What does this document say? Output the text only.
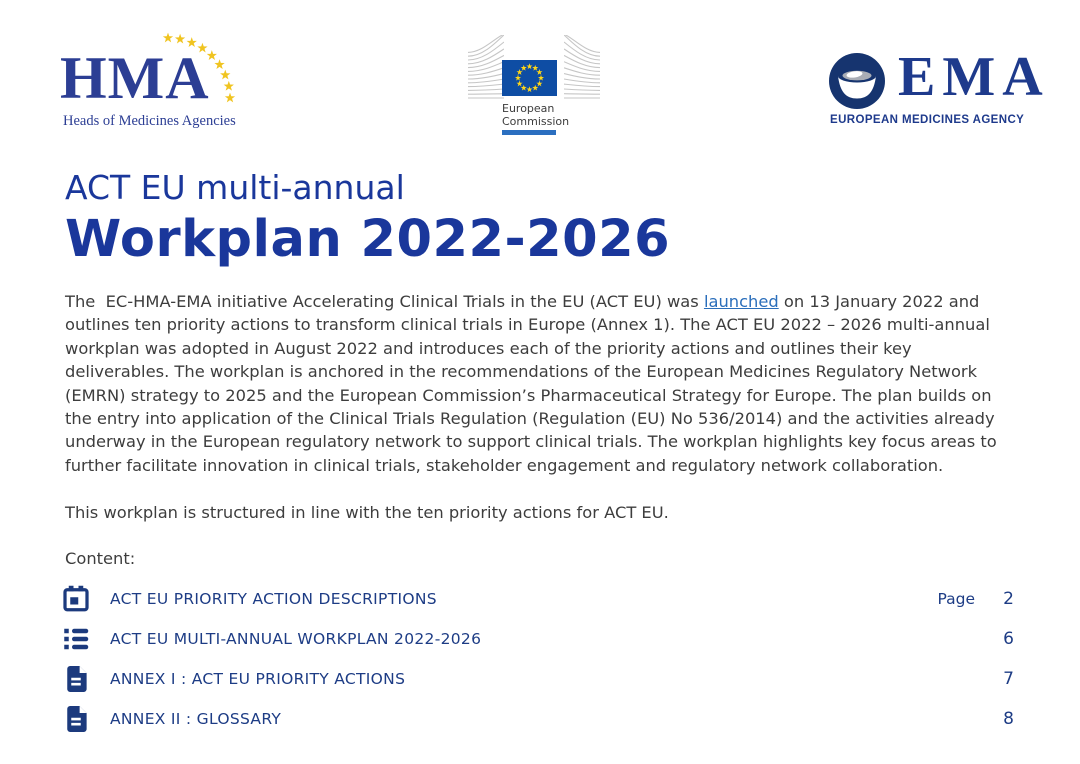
HMA
Heads of Medicines Agencies
European
Commission
EMA
EUROPEAN MEDICINES AGENCY
ACT EU multi-annual
Workplan 2022-2026

The  EC-HMA-EMA initiative Accelerating Clinical Trials in the EU (ACT EU) was launched on 13 January 2022 and outlines ten priority actions to transform clinical trials in Europe (Annex 1). The ACT EU 2022 – 2026 multi-annual workplan was adopted in August 2022 and introduces each of the priority actions and outlines their key deliverables. The workplan is anchored in the recommendations of the European Medicines Regulatory Network (EMRN) strategy to 2025 and the European Commission’s Pharmaceutical Strategy for Europe. The plan builds on the entry into application of the Clinical Trials Regulation (Regulation (EU) No 536/2014) and the activities already underway in the European regulatory network to support clinical trials. The workplan highlights key focus areas to further facilitate innovation in clinical trials, stakeholder engagement and regulatory network collaboration.

This workplan is structured in line with the ten priority actions for ACT EU.

Content:
ACT EU PRIORITY ACTION DESCRIPTIONS	Page	2
ACT EU MULTI-ANNUAL WORKPLAN 2022-2026	6
ANNEX I : ACT EU PRIORITY ACTIONS	7
ANNEX II : GLOSSARY	8
